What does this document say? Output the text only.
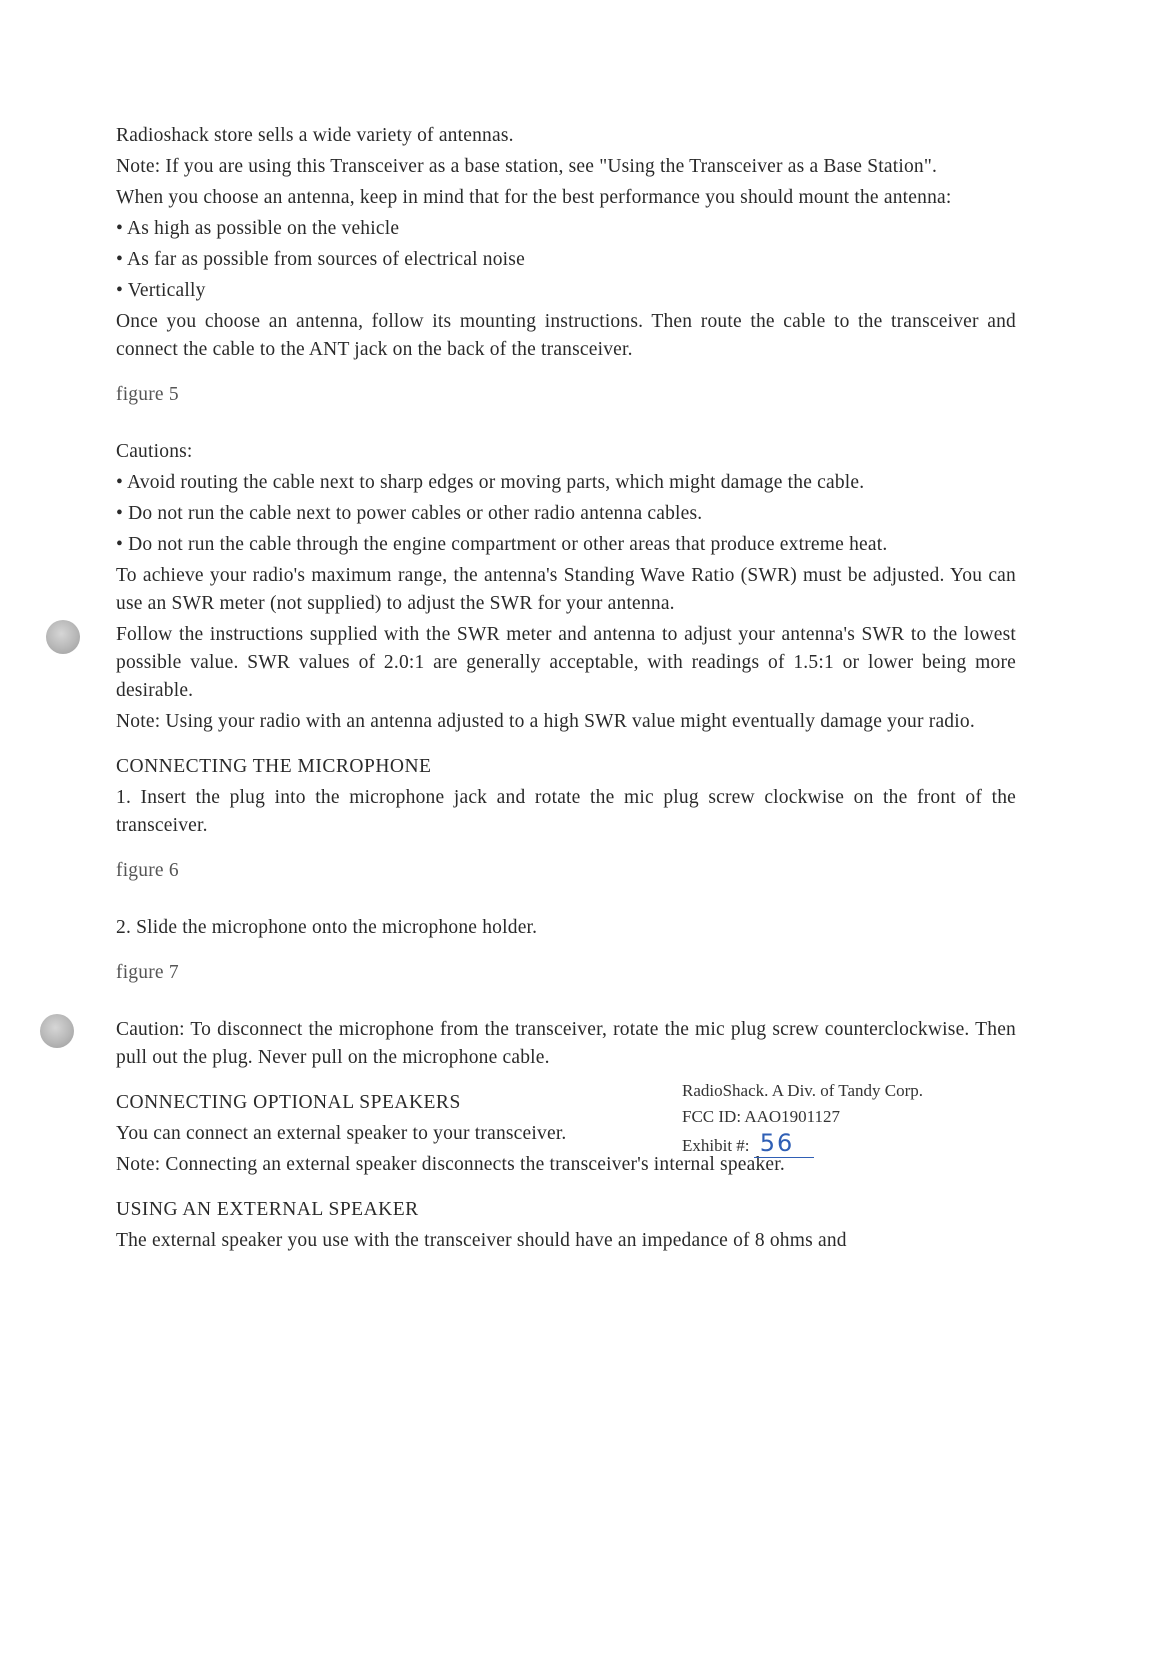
Radioshack store sells a wide variety of antennas.

Note: If you are using this Transceiver as a base station, see "Using the Transceiver as a Base Station".

When you choose an antenna, keep in mind that for the best performance you should mount the antenna:

• As high as possible on the vehicle
• As far as possible from sources of electrical noise
• Vertically

Once you choose an antenna, follow its mounting instructions. Then route the cable to the transceiver and connect the cable to the ANT jack on the back of the transceiver.

figure 5

Cautions:

• Avoid routing the cable next to sharp edges or moving parts, which might damage the cable.
• Do not run the cable next to power cables or other radio antenna cables.
• Do not run the cable through the engine compartment or other areas that produce extreme heat.

To achieve your radio's maximum range, the antenna's Standing Wave Ratio (SWR) must be adjusted. You can use an SWR meter (not supplied) to adjust the SWR for your antenna.

Follow the instructions supplied with the SWR meter and antenna to adjust your antenna's SWR to the lowest possible value. SWR values of 2.0:1 are generally acceptable, with readings of 1.5:1 or lower being more desirable.

Note: Using your radio with an antenna adjusted to a high SWR value might eventually damage your radio.

CONNECTING THE MICROPHONE

1. Insert the plug into the microphone jack and rotate the mic plug screw clockwise on the front of the transceiver.

figure 6

2. Slide the microphone onto the microphone holder.

figure 7

Caution: To disconnect the microphone from the transceiver, rotate the mic plug screw counterclockwise. Then pull out the plug. Never pull on the microphone cable.

CONNECTING OPTIONAL SPEAKERS

You can connect an external speaker to your transceiver.

Note: Connecting an external speaker disconnects the transceiver's internal speaker.

USING AN EXTERNAL SPEAKER

The external speaker you use with the transceiver should have an impedance of 8 ohms and

RadioShack. A Div. of Tandy Corp.
FCC ID: AAO1901127
Exhibit #: 56
